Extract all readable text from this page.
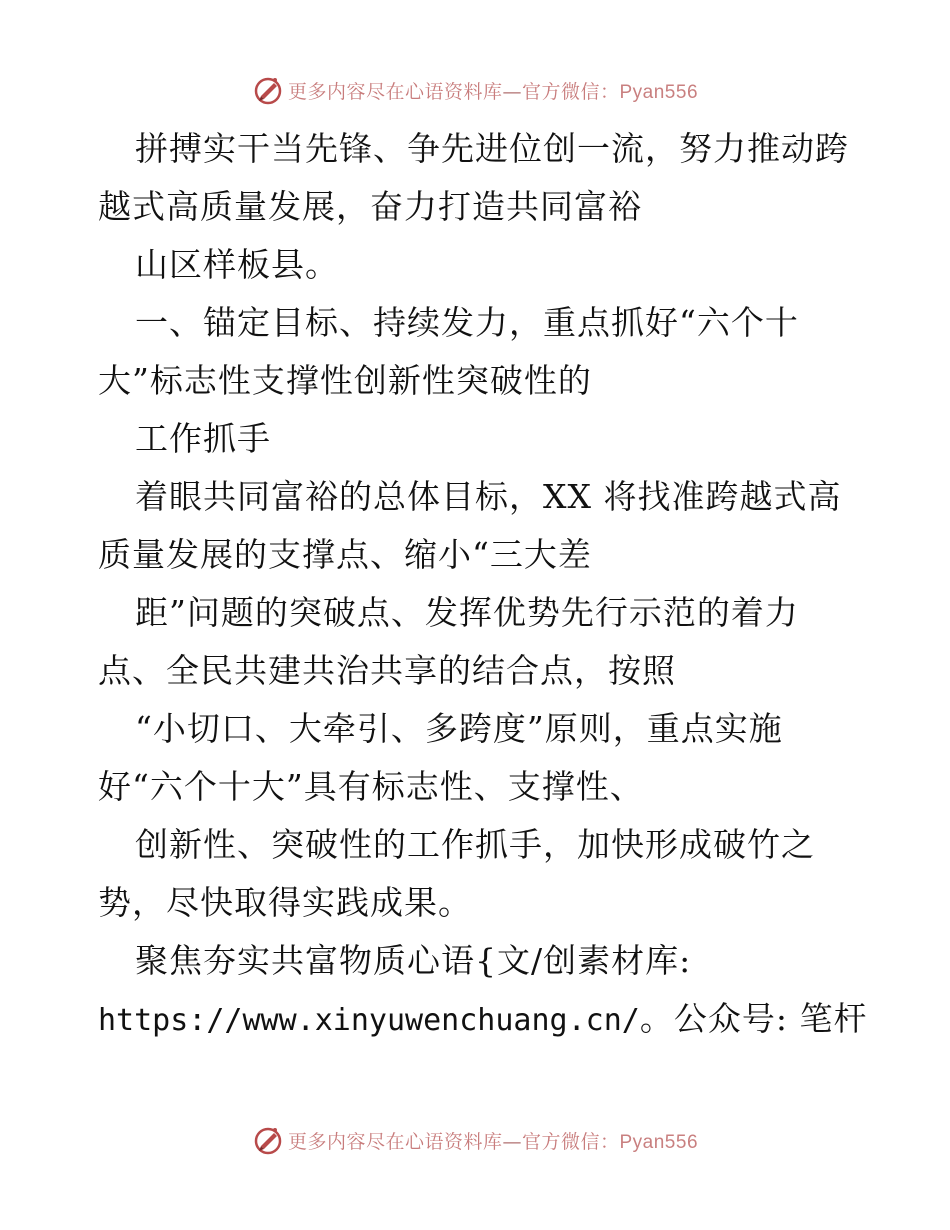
更多内容尽在心语资料库—官方微信：Pyan556
拼搏实干当先锋、争先进位创一流，努力推动跨
越式高质量发展，奋力打造共同富裕
山区样板县。
一、锚定目标、持续发力，重点抓好“六个十
大”标志性支撑性创新性突破性的
工作抓手
着眼共同富裕的总体目标，XX 将找准跨越式高
质量发展的支撑点、缩小“三大差
距”问题的突破点、发挥优势先行示范的着力
点、全民共建共治共享的结合点，按照
“小切口、大牵引、多跨度”原则，重点实施
好“六个十大”具有标志性、支撑性、
创新性、突破性的工作抓手，加快形成破竹之
势，尽快取得实践成果。
聚焦夯实共富物质心语{文/创素材库:
https://www.xinyuwenchuang.cn/。公众号: 笔杆
更多内容尽在心语资料库—官方微信：Pyan556
